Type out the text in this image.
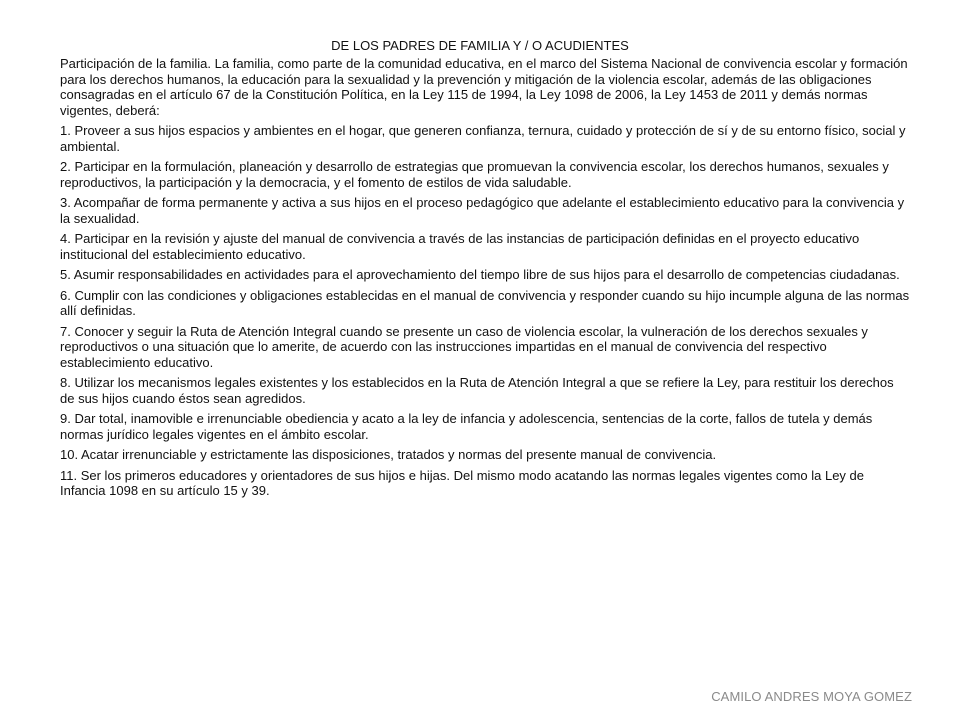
DE LOS PADRES DE FAMILIA Y / O ACUDIENTES

Participación de la familia. La familia, como parte de la comunidad educativa, en el marco del Sistema Nacional de convivencia escolar y formación para los derechos humanos, la educación para la sexualidad y la prevención y mitigación de la violencia escolar, además de las obligaciones consagradas en el artículo 67 de la Constitución Política, en la Ley 115 de 1994, la Ley 1098 de 2006, la Ley 1453 de 2011 y demás normas vigentes, deberá:

1. Proveer a sus hijos espacios y ambientes en el hogar, que generen confianza, ternura, cuidado y protección de sí y de su entorno físico, social y ambiental.

2. Participar en la formulación, planeación y desarrollo de estrategias que promuevan la convivencia escolar, los derechos humanos, sexuales y reproductivos, la participación y la democracia, y el fomento de estilos de vida saludable.

3. Acompañar de forma permanente y activa a sus hijos en el proceso pedagógico que adelante el establecimiento educativo para la convivencia y la sexualidad.

4. Participar en la revisión y ajuste del manual de convivencia a través de las instancias de participación definidas en el proyecto educativo institucional del establecimiento educativo.

5. Asumir responsabilidades en actividades para el aprovechamiento del tiempo libre de sus hijos para el desarrollo de competencias ciudadanas.

6. Cumplir con las condiciones y obligaciones establecidas en el manual de convivencia y responder cuando su hijo incumple alguna de las normas allí definidas.

7. Conocer y seguir la Ruta de Atención Integral cuando se presente un caso de violencia escolar, la vulneración de los derechos sexuales y reproductivos o una situación que lo amerite, de acuerdo con las instrucciones impartidas en el manual de convivencia del respectivo establecimiento educativo.

8. Utilizar los mecanismos legales existentes y los establecidos en la Ruta de Atención Integral a que se refiere la Ley, para restituir los derechos de sus hijos cuando éstos sean agredidos.

9. Dar total, inamovible e irrenunciable obediencia y acato a la ley de infancia y adolescencia, sentencias de la corte, fallos de tutela y demás normas jurídico legales vigentes en el ámbito escolar.

10. Acatar irrenunciable y estrictamente las disposiciones, tratados y normas del presente manual de convivencia.

11. Ser los primeros educadores y orientadores de sus hijos e hijas. Del mismo modo acatando las normas legales vigentes como la Ley de Infancia 1098 en su artículo 15 y 39.

CAMILO ANDRES MOYA GOMEZ
